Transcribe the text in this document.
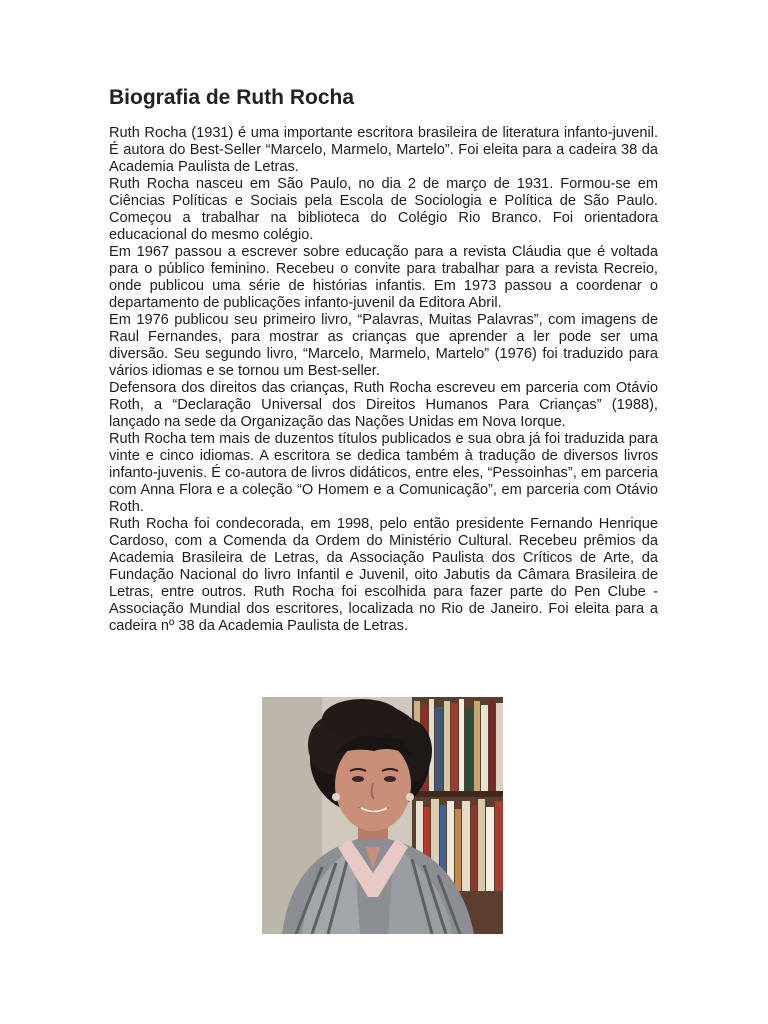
Biografia de Ruth Rocha

Ruth Rocha (1931) é uma importante escritora brasileira de literatura infanto-juvenil. É autora do Best-Seller “Marcelo, Marmelo, Martelo”. Foi eleita para a cadeira 38 da Academia Paulista de Letras.

Ruth Rocha nasceu em São Paulo, no dia 2 de março de 1931. Formou-se em Ciências Políticas e Sociais pela Escola de Sociologia e Política de São Paulo. Começou a trabalhar na biblioteca do Colégio Rio Branco. Foi orientadora educacional do mesmo colégio.

Em 1967 passou a escrever sobre educação para a revista Cláudia que é voltada para o público feminino. Recebeu o convite para trabalhar para a revista Recreio, onde publicou uma série de histórias infantis. Em 1973 passou a coordenar o departamento de publicações infanto-juvenil da Editora Abril.

Em 1976 publicou seu primeiro livro, “Palavras, Muitas Palavras”, com imagens de Raul Fernandes, para mostrar as crianças que aprender a ler pode ser uma diversão. Seu segundo livro, “Marcelo, Marmelo, Martelo” (1976) foi traduzido para vários idiomas e se tornou um Best-seller.

Defensora dos direitos das crianças, Ruth Rocha escreveu em parceria com Otávio Roth, a “Declaração Universal dos Direitos Humanos Para Crianças” (1988), lançado na sede da Organização das Nações Unidas em Nova Iorque.

Ruth Rocha tem mais de duzentos títulos publicados e sua obra já foi traduzida para vinte e cinco idiomas. A escritora se dedica também à tradução de diversos livros infanto-juvenis. É co-autora de livros didáticos, entre eles, “Pessoinhas”, em parceria com Anna Flora e a coleção “O Homem e a Comunicação”, em parceria com Otávio Roth.

Ruth Rocha foi condecorada, em 1998, pelo então presidente Fernando Henrique Cardoso, com a Comenda da Ordem do Ministério Cultural. Recebeu prêmios da Academia Brasileira de Letras, da Associação Paulista dos Críticos de Arte, da Fundação Nacional do livro Infantil e Juvenil, oito Jabutis da Câmara Brasileira de Letras, entre outros. Ruth Rocha foi escolhida para fazer parte do Pen Clube - Associação Mundial dos escritores, localizada no Rio de Janeiro. Foi eleita para a cadeira nº 38 da Academia Paulista de Letras.
